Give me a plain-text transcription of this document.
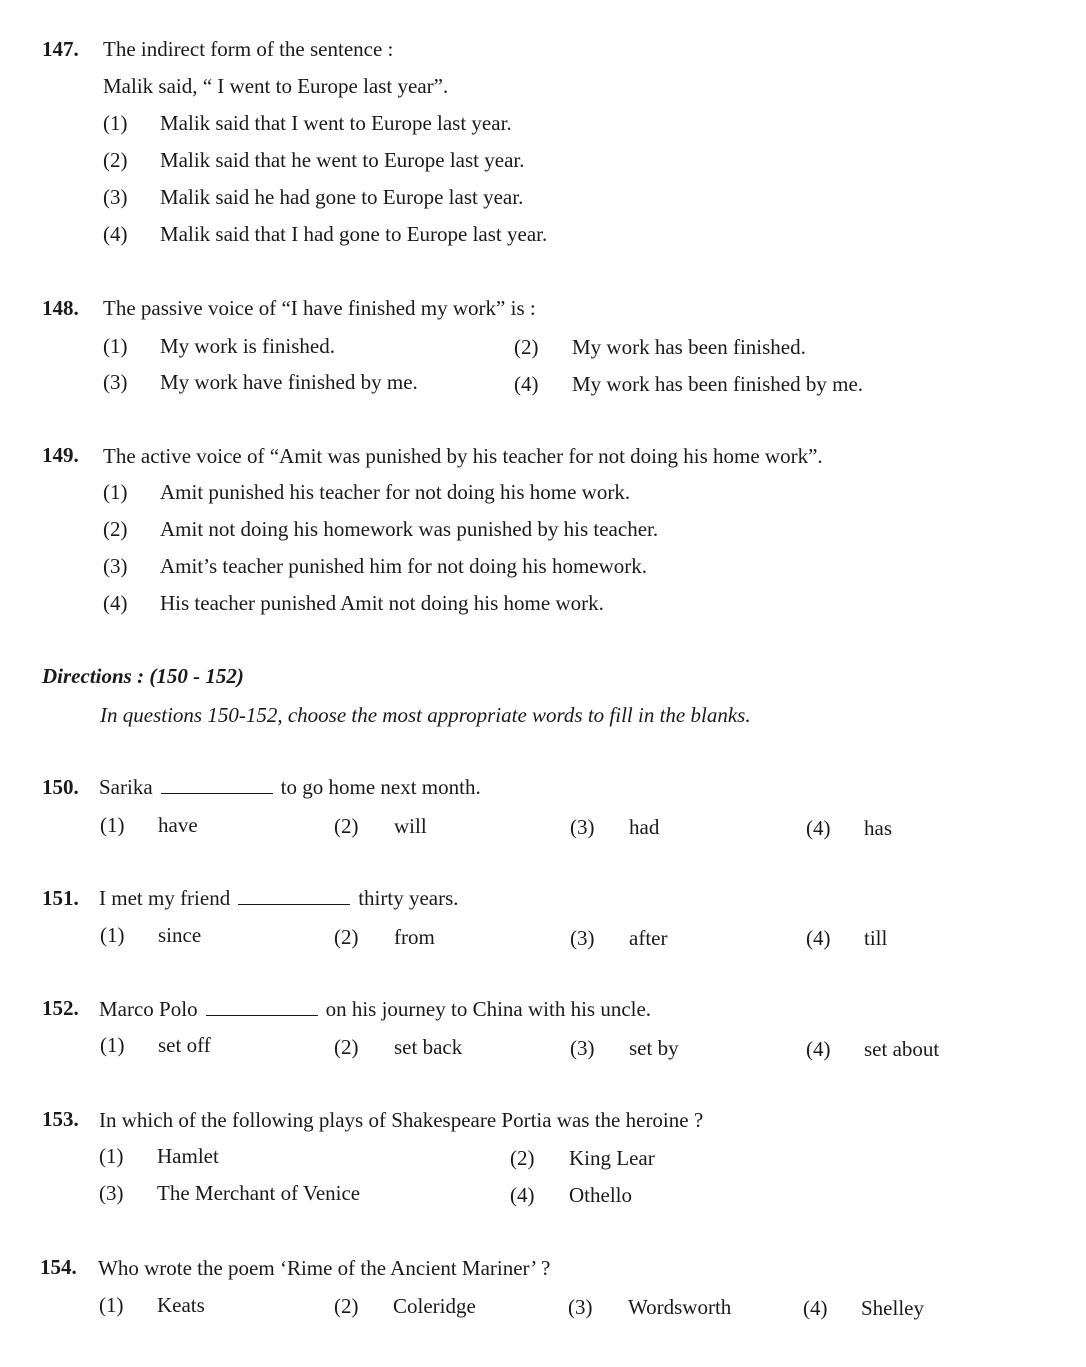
147. The indirect form of the sentence :
Malik said, “ I went to Europe last year”.
(1) Malik said that I went to Europe last year.
(2) Malik said that he went to Europe last year.
(3) Malik said he had gone to Europe last year.
(4) Malik said that I had gone to Europe last year.
148. The passive voice of “I have finished my work” is :
(1) My work is finished.	(2) My work has been finished.
(3) My work have finished by me.	(4) My work has been finished by me.
149. The active voice of “Amit was punished by his teacher for not doing his home work”.
(1) Amit punished his teacher for not doing his home work.
(2) Amit not doing his homework was punished by his teacher.
(3) Amit’s teacher punished him for not doing his homework.
(4) His teacher punished Amit not doing his home work.
Directions : (150 - 152)
In questions 150-152, choose the most appropriate words to fill in the blanks.
150. Sarika	to go home next month.
(1) have	(2) will	(3) had	(4) has
151. I met my friend	thirty years.
(1) since	(2) from	(3) after	(4) till
152. Marco Polo	on his journey to China with his uncle.
(1) set off	(2) set back	(3) set by	(4) set about
153. In which of the following plays of Shakespeare Portia was the heroine ?
(1) Hamlet	(2) King Lear
(3) The Merchant of Venice	(4) Othello
154. Who wrote the poem ‘Rime of the Ancient Mariner’ ?
(1) Keats	(2) Coleridge	(3) Wordsworth	(4) Shelley
